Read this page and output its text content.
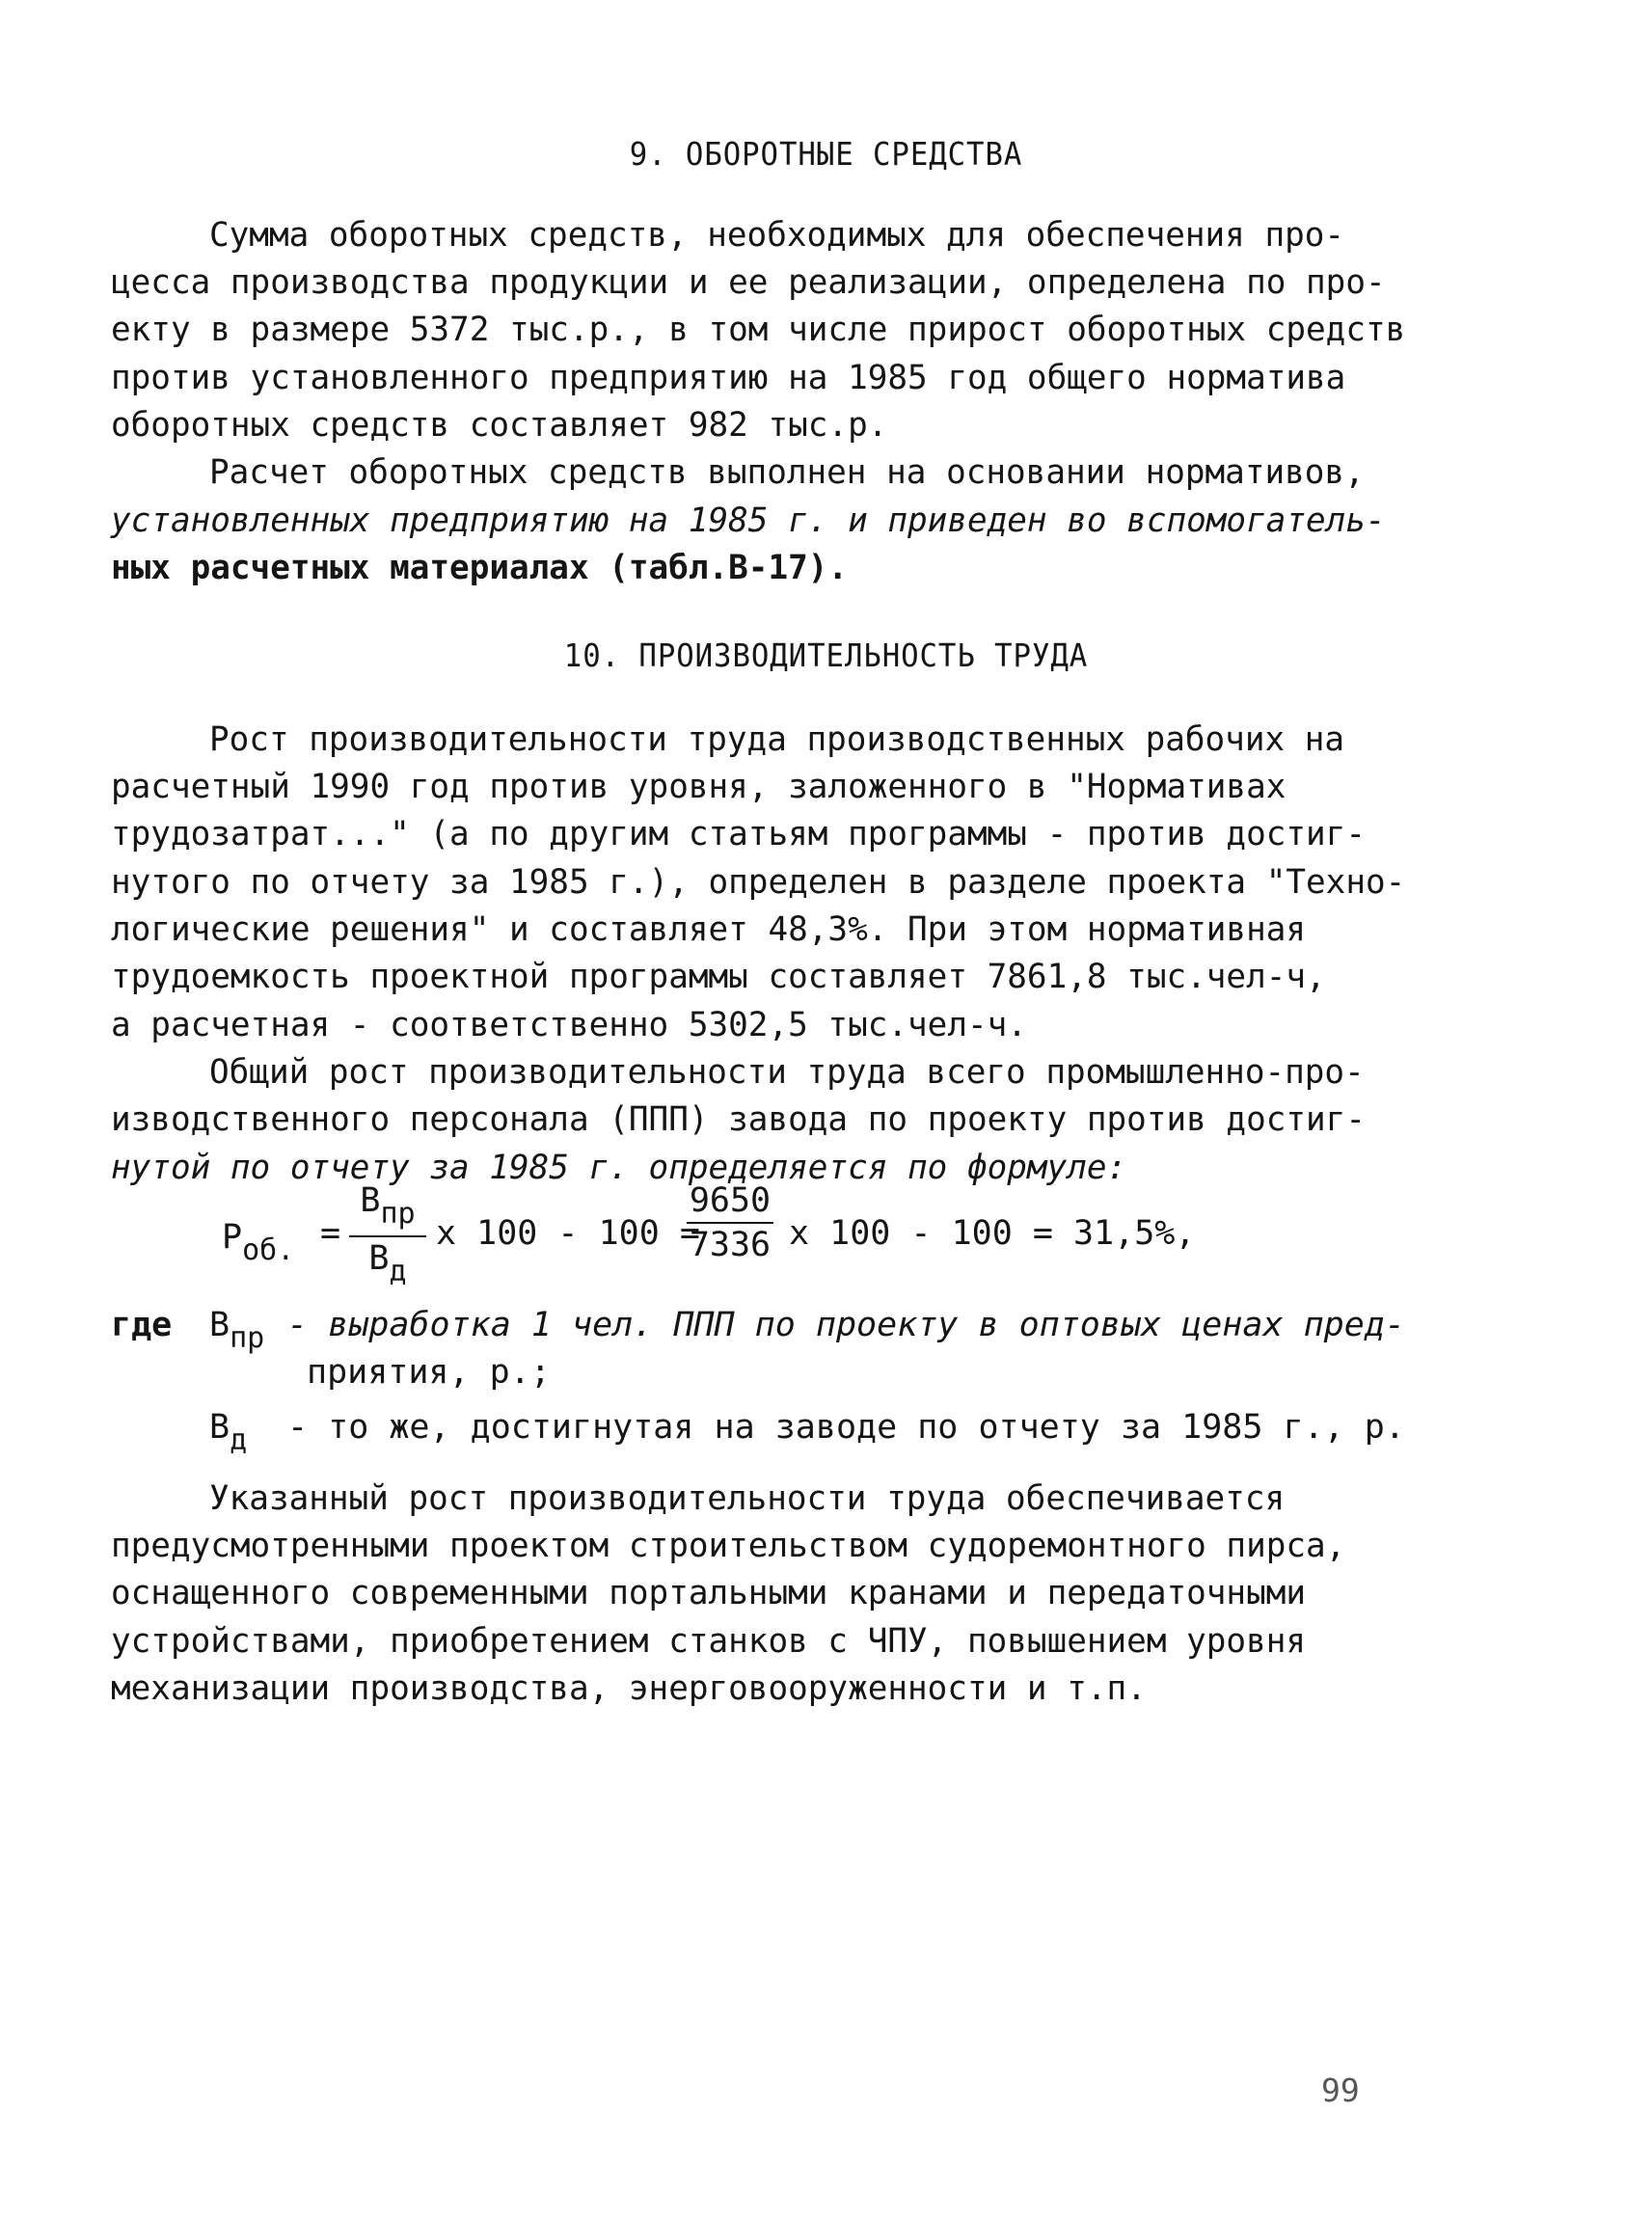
9. ОБОРОТНЫЕ СРЕДСТВА
Сумма оборотных средств, необходимых для обеспечения про-
цесса производства продукции и ее реализации, определена по про-
екту в размере 5372 тыс.р., в том числе прирост оборотных средств
против установленного предприятию на 1985 год общего норматива
оборотных средств составляет 982 тыс.р.
Расчет оборотных средств выполнен на основании нормативов,
установленных предприятию на 1985 г. и приведен во вспомогатель-
ных расчетных материалах (табл.В-17).
10. ПРОИЗВОДИТЕЛЬНОСТЬ ТРУДА
Рост производительности труда производственных рабочих на
расчетный 1990 год против уровня, заложенного в "Нормативах
трудозатрат..." (а по другим статьям программы - против достиг-
нутого по отчету за 1985 г.), определен в разделе проекта "Техно-
логические решения" и составляет 48,3%. При этом нормативная
трудоемкость проектной программы составляет 7861,8 тыс.чел-ч,
а расчетная - соответственно 5302,5 тыс.чел-ч.
Общий рост производительности труда всего промышленно-про-
изводственного персонала (ППП) завода по проекту против достиг-
нутой по отчету за 1985 г. определяется по формуле:
$P_{об.}$ =
$В_{пр}$
$В_д$
х 100 - 100 =
9650
7336 х 100 - 100 = 31,5%,
где $В_{пр}$ - выработка 1 чел. ППП по проекту в оптовых ценах пред-
приятия, р.;
$В_д$ - то же, достигнутая на заводе по отчету за 1985 г., р.
Указанный рост производительности труда обеспечивается
предусмотренными проектом строительством судоремонтного пирса,
оснащенного современными портальными кранами и передаточными
устройствами, приобретением станков с ЧПУ, повышением уровня
механизации производства, энерговооруженности и т.п.
99
